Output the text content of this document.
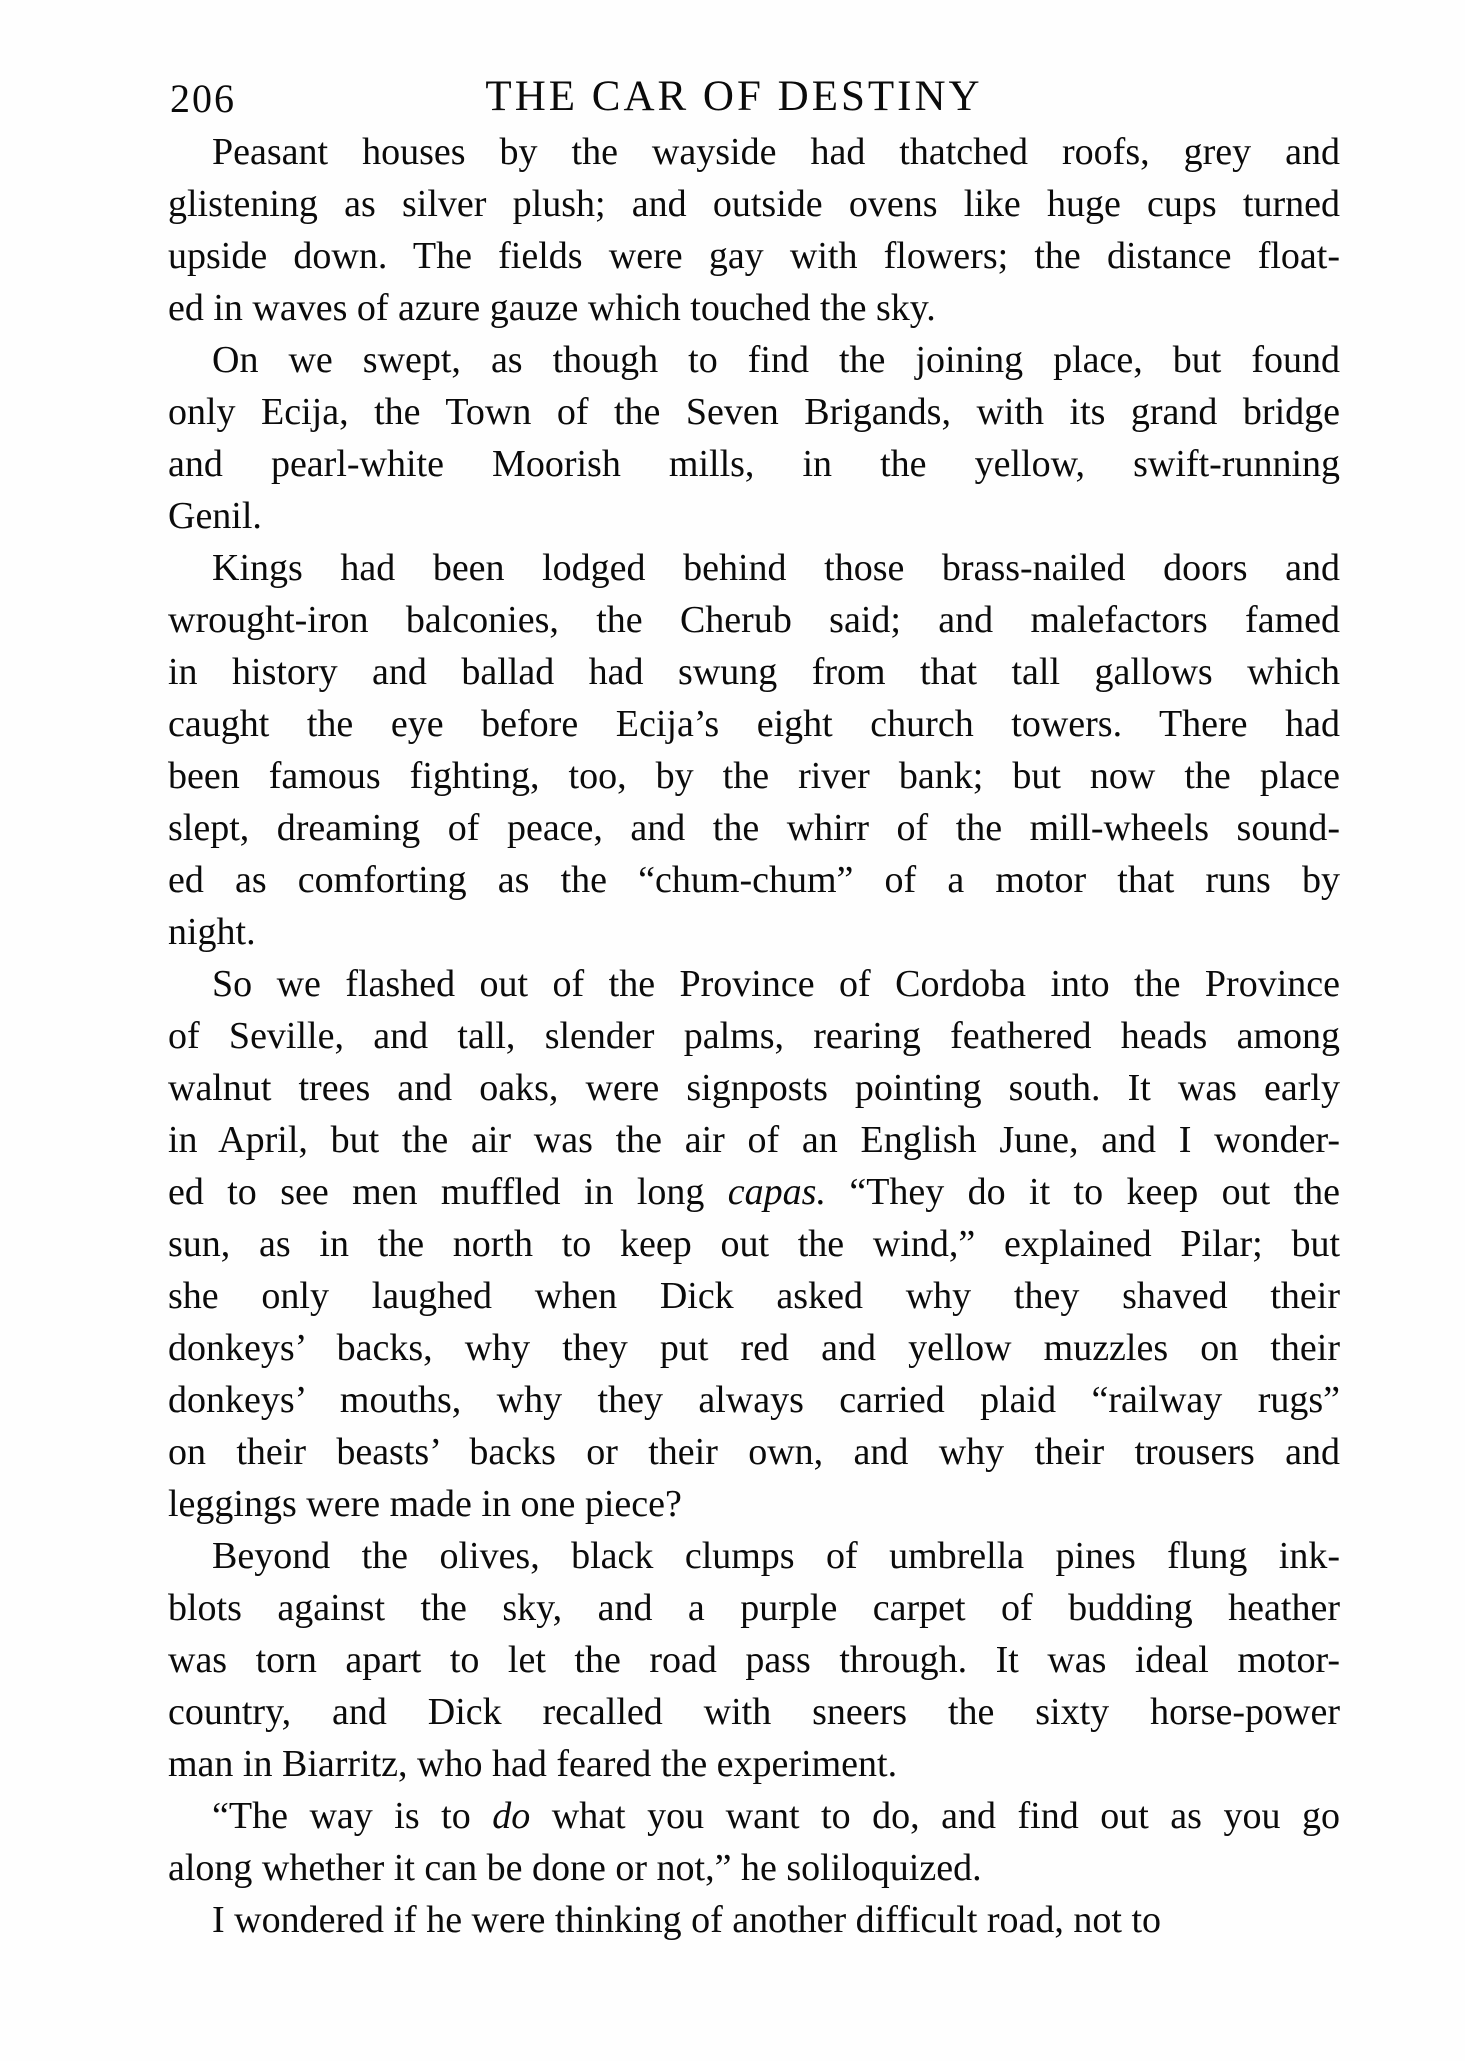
206	THE CAR OF DESTINY
Peasant houses by the wayside had thatched roofs, grey and
glistening as silver plush; and outside ovens like huge cups turned
upside down. The fields were gay with flowers; the distance float-
ed in waves of azure gauze which touched the sky.
On we swept, as though to find the joining place, but found
only Ecija, the Town of the Seven Brigands, with its grand bridge
and pearl-white Moorish mills, in the yellow, swift-running
Genil.
Kings had been lodged behind those brass-nailed doors and
wrought-iron balconies, the Cherub said; and malefactors famed
in history and ballad had swung from that tall gallows which
caught the eye before Ecija’s eight church towers. There had
been famous fighting, too, by the river bank; but now the place
slept, dreaming of peace, and the whirr of the mill-wheels sound-
ed as comforting as the “chum-chum” of a motor that runs by
night.
So we flashed out of the Province of Cordoba into the Province
of Seville, and tall, slender palms, rearing feathered heads among
walnut trees and oaks, were signposts pointing south. It was early
in April, but the air was the air of an English June, and I wonder-
ed to see men muffled in long capas. “They do it to keep out the
sun, as in the north to keep out the wind,” explained Pilar; but
she only laughed when Dick asked why they shaved their
donkeys’ backs, why they put red and yellow muzzles on their
donkeys’ mouths, why they always carried plaid “railway rugs”
on their beasts’ backs or their own, and why their trousers and
leggings were made in one piece?
Beyond the olives, black clumps of umbrella pines flung ink-
blots against the sky, and a purple carpet of budding heather
was torn apart to let the road pass through. It was ideal motor-
country, and Dick recalled with sneers the sixty horse-power
man in Biarritz, who had feared the experiment.
“The way is to do what you want to do, and find out as you go
along whether it can be done or not,” he soliloquized.
I wondered if he were thinking of another difficult road, not to
